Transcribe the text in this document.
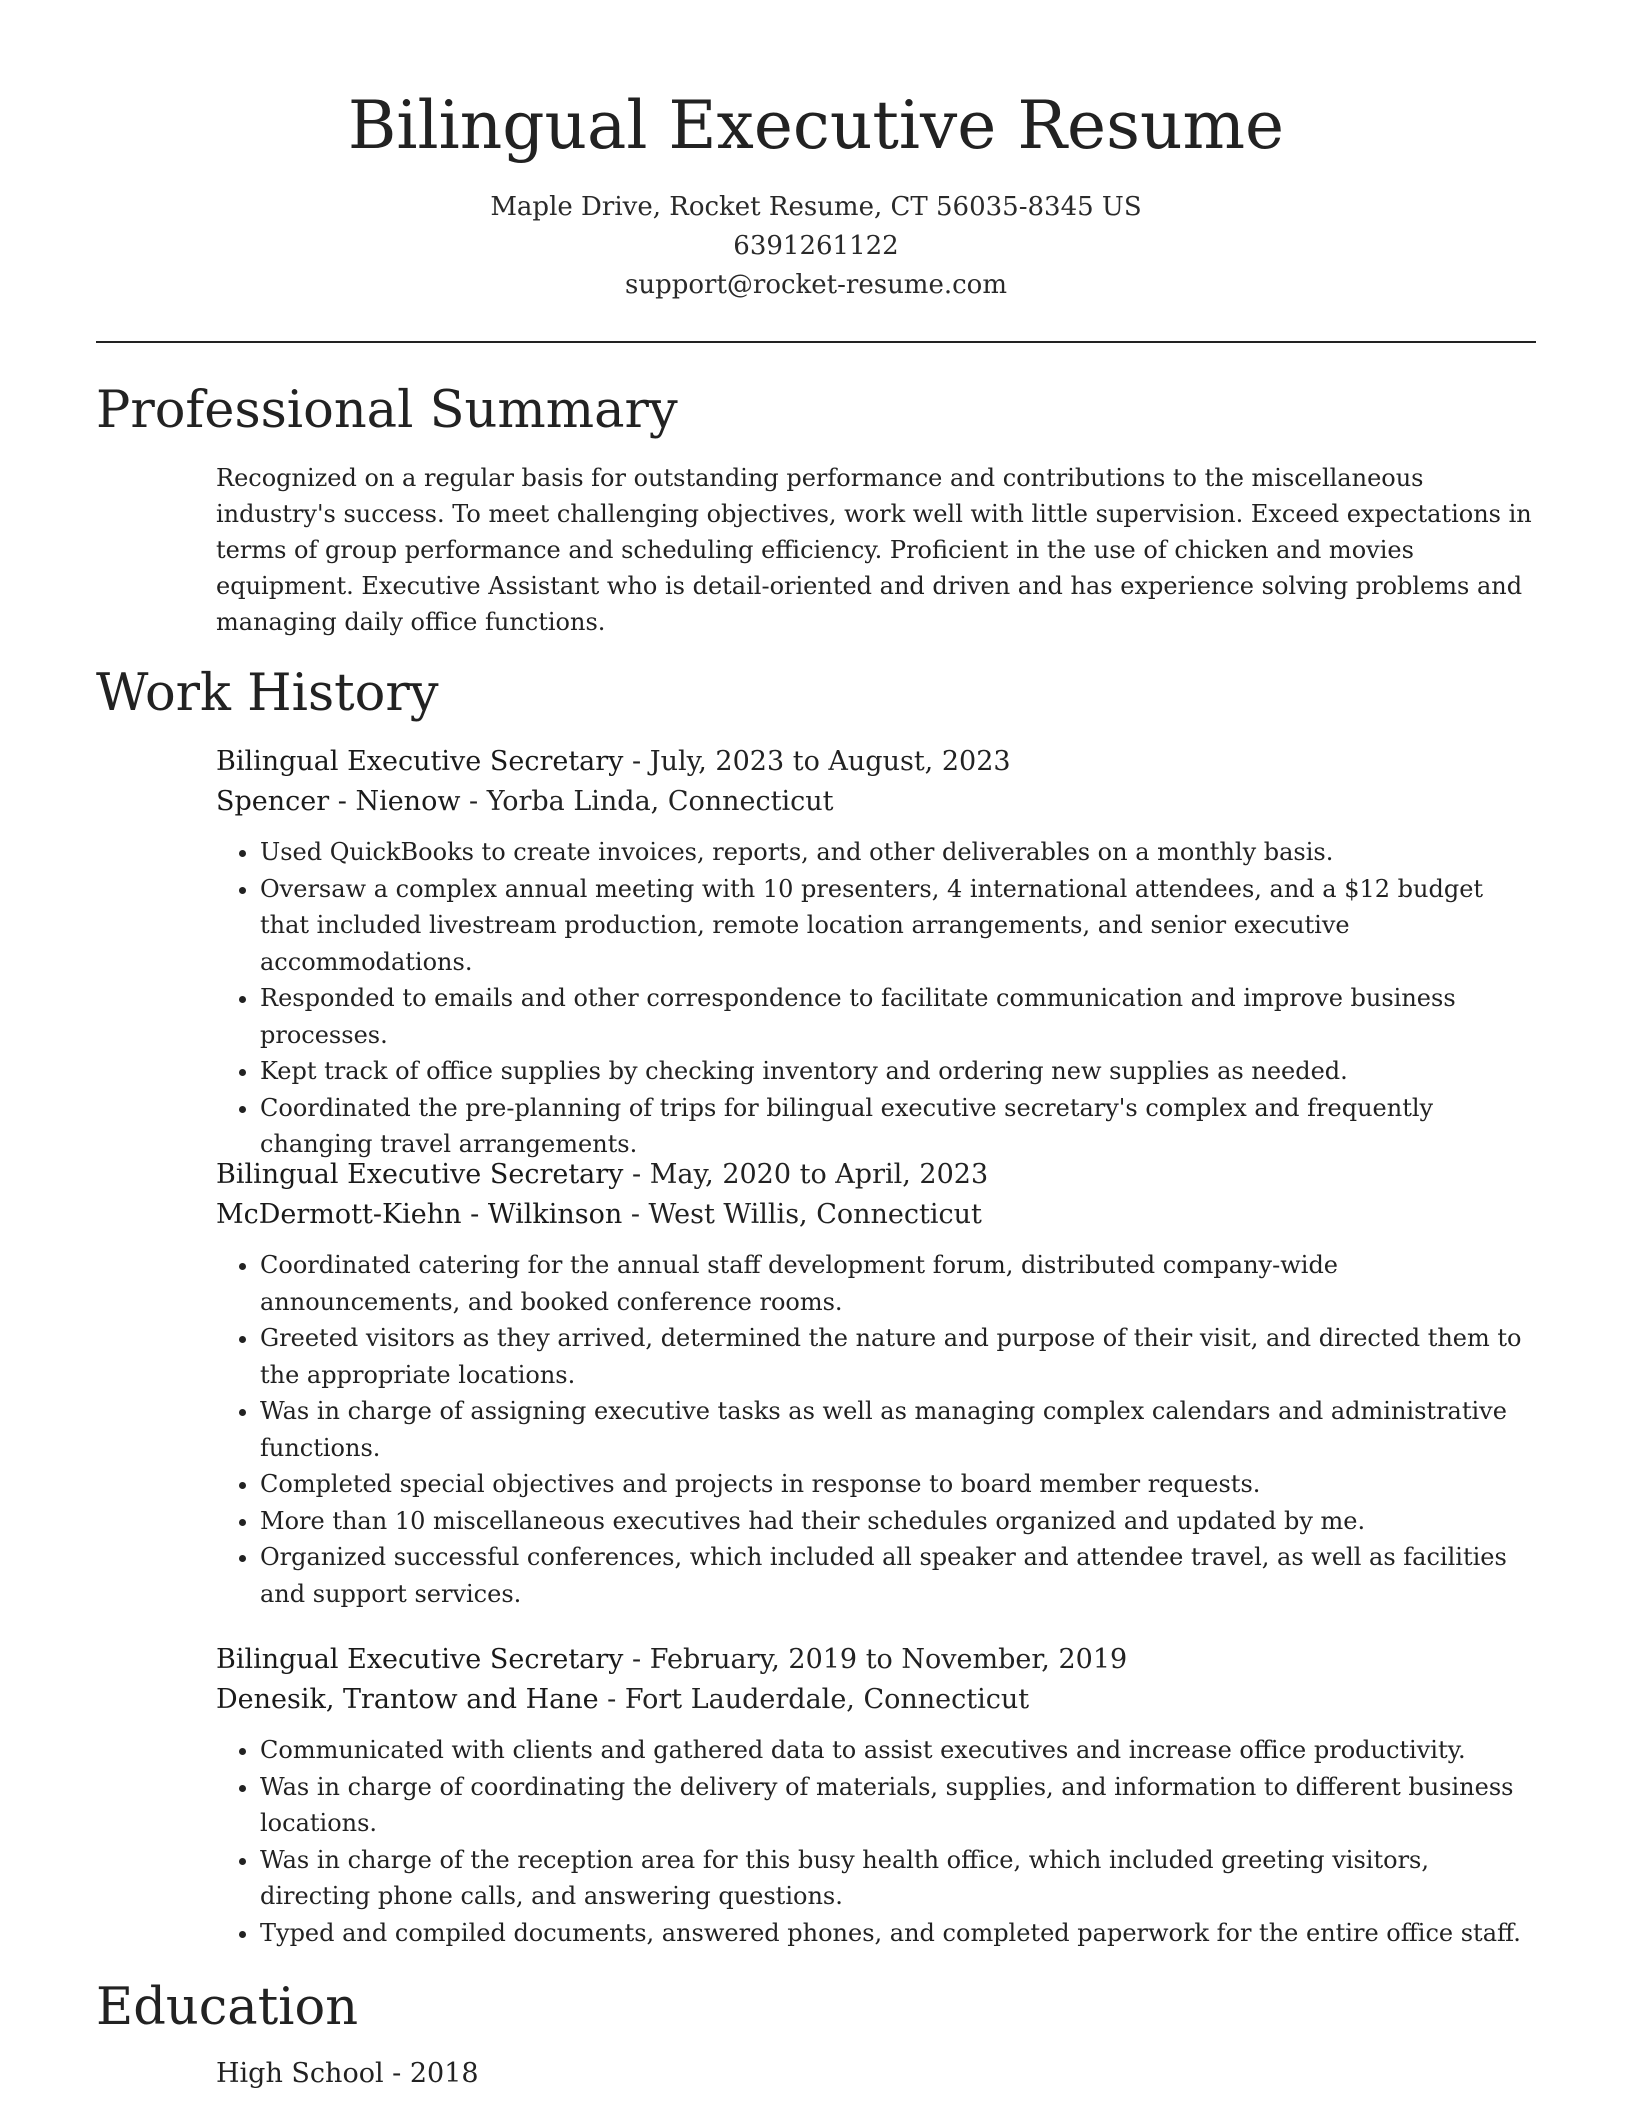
Bilingual Executive Resume

Maple Drive, Rocket Resume, CT 56035-8345 US

6391261122

support@rocket-resume.com

Professional Summary

Recognized on a regular basis for outstanding performance and contributions to the miscellaneous industry's success. To meet challenging objectives, work well with little supervision. Exceed expectations in terms of group performance and scheduling efficiency. Proficient in the use of chicken and movies equipment. Executive Assistant who is detail-oriented and driven and has experience solving problems and managing daily office functions.

Work History

Bilingual Executive Secretary - July, 2023 to August, 2023

Spencer - Nienow - Yorba Linda, Connecticut

• Used QuickBooks to create invoices, reports, and other deliverables on a monthly basis.
• Oversaw a complex annual meeting with 10 presenters, 4 international attendees, and a $12 budget that included livestream production, remote location arrangements, and senior executive accommodations.
• Responded to emails and other correspondence to facilitate communication and improve business processes.
• Kept track of office supplies by checking inventory and ordering new supplies as needed.
• Coordinated the pre-planning of trips for bilingual executive secretary's complex and frequently changing travel arrangements.

Bilingual Executive Secretary - May, 2020 to April, 2023

McDermott-Kiehn - Wilkinson - West Willis, Connecticut

• Coordinated catering for the annual staff development forum, distributed company-wide announcements, and booked conference rooms.
• Greeted visitors as they arrived, determined the nature and purpose of their visit, and directed them to the appropriate locations.
• Was in charge of assigning executive tasks as well as managing complex calendars and administrative functions.
• Completed special objectives and projects in response to board member requests.
• More than 10 miscellaneous executives had their schedules organized and updated by me.
• Organized successful conferences, which included all speaker and attendee travel, as well as facilities and support services.

Bilingual Executive Secretary - February, 2019 to November, 2019

Denesik, Trantow and Hane - Fort Lauderdale, Connecticut

• Communicated with clients and gathered data to assist executives and increase office productivity.
• Was in charge of coordinating the delivery of materials, supplies, and information to different business locations.
• Was in charge of the reception area for this busy health office, which included greeting visitors, directing phone calls, and answering questions.
• Typed and compiled documents, answered phones, and completed paperwork for the entire office staff.
Education

High School - 2018
